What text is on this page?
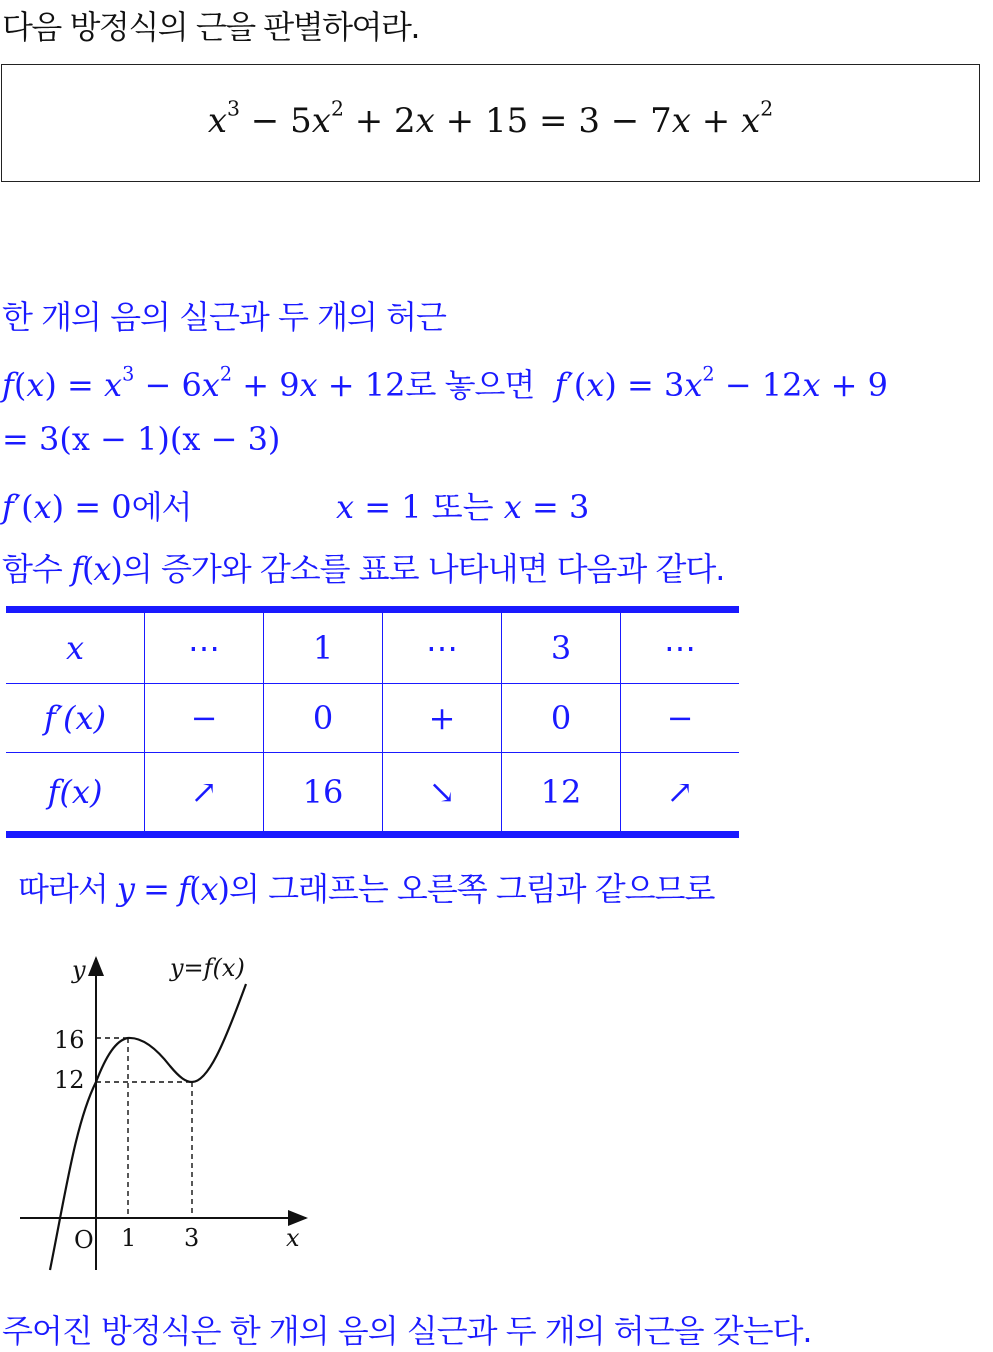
다음 방정식의 근을 판별하여라.
$x^3 - 5x^2 + 2x + 15 = 3 - 7x + x^2$
한 개의 음의 실근과 두 개의 허근
$f(x) = x^3 - 6x^2 + 9x + 12$로 놓으면 $f'(x) = 3x^2 - 12x + 9$
= 3(x − 1)(x − 3)
f′(x) = 0에서	x = 1 또는 x = 3
함수 f(x)의 증가와 감소를 표로 나타내면 다음과 같다.
x	⋯	1	⋯	3	⋯
f′(x)	−	0	+	0	−
f(x)	↗	16	↘	12	↗
따라서 y = f(x)의 그래프는 오른쪽 그림과 같으므로
y	y=f(x)
16
12
O 1 3	x
주어진 방정식은 한 개의 음의 실근과 두 개의 허근을 갖는다.
